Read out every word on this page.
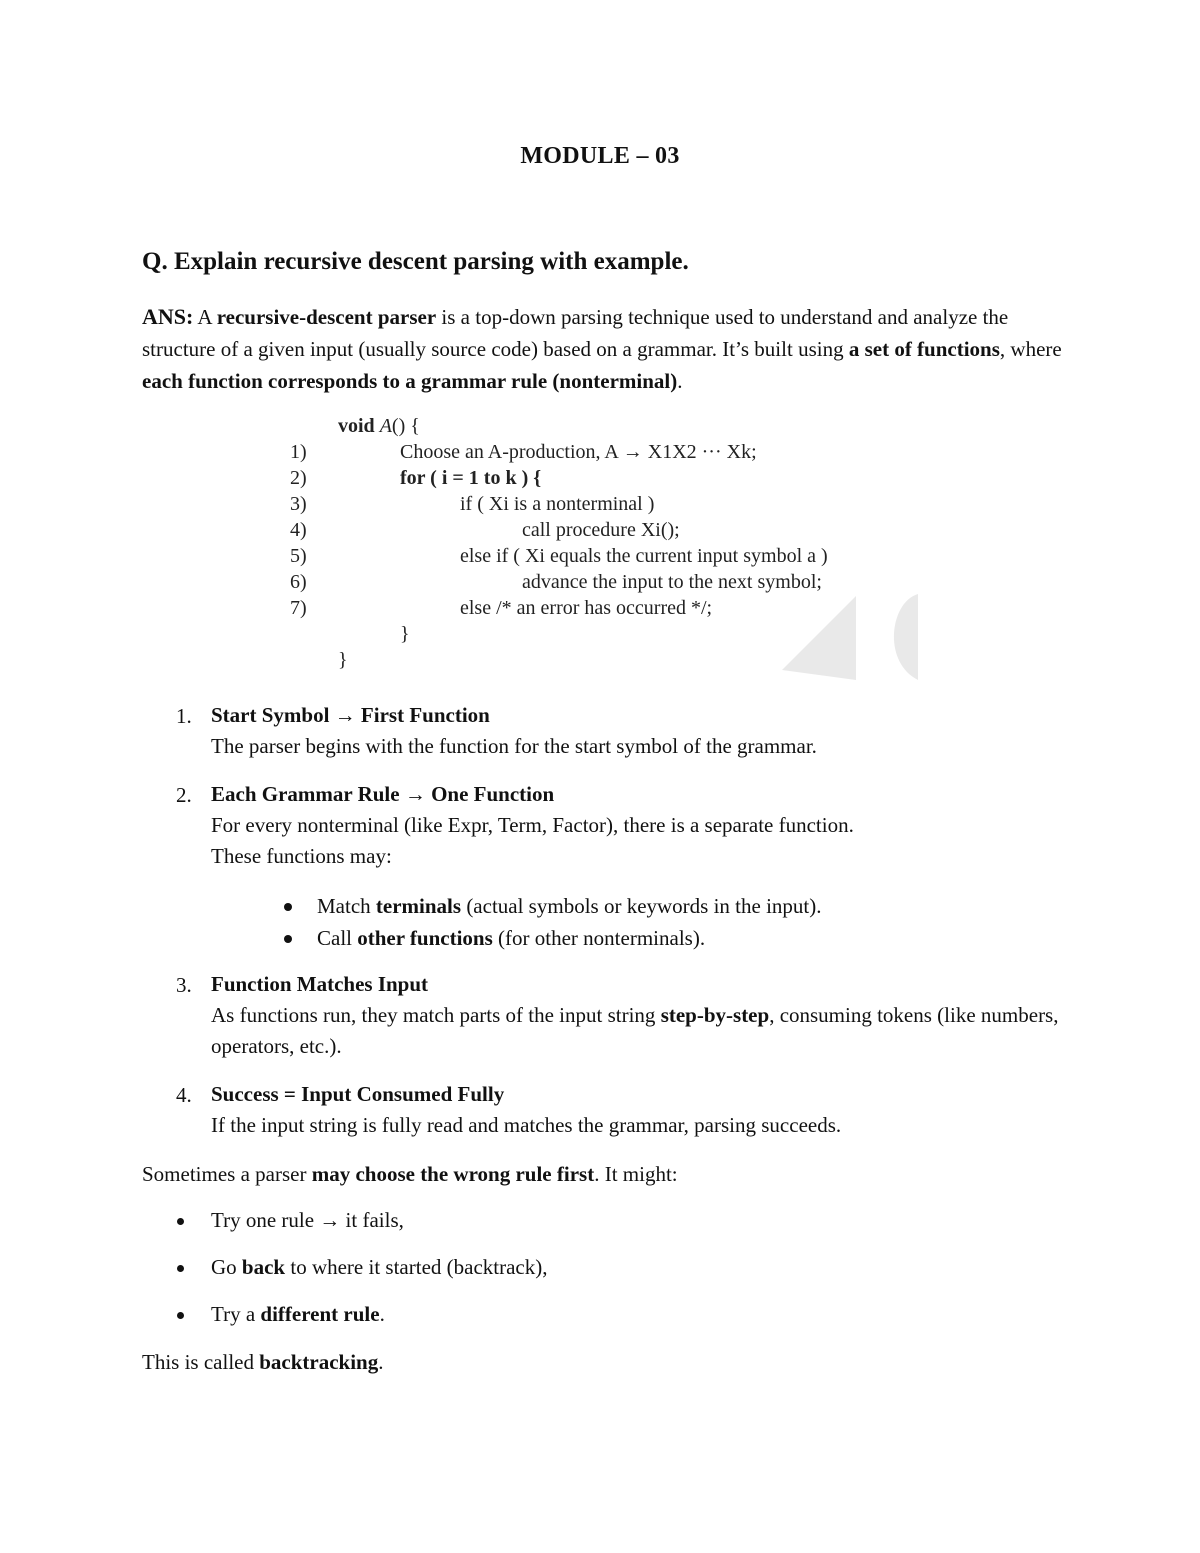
MODULE – 03
Q. Explain recursive descent parsing with example.
ANS: A recursive-descent parser is a top-down parsing technique used to understand and analyze the structure of a given input (usually source code) based on a grammar. It’s built using a set of functions, where each function corresponds to a grammar rule (nonterminal).
void A() {
1)	Choose an A-production, A → X1X2 ··· Xk;
2)	for ( i = 1 to k ) {
3)	if ( Xi is a nonterminal )
4)	call procedure Xi();
5)	else if ( Xi equals the current input symbol a )
6)	advance the input to the next symbol;
7)	else /* an error has occurred */;
}
}
1. Start Symbol → First Function
The parser begins with the function for the start symbol of the grammar.
2. Each Grammar Rule → One Function
For every nonterminal (like Expr, Term, Factor), there is a separate function.
These functions may:
Match terminals (actual symbols or keywords in the input).
Call other functions (for other nonterminals).
3. Function Matches Input
As functions run, they match parts of the input string step-by-step, consuming tokens (like numbers, operators, etc.).
4. Success = Input Consumed Fully
If the input string is fully read and matches the grammar, parsing succeeds.
Sometimes a parser may choose the wrong rule first. It might:
Try one rule → it fails,
Go back to where it started (backtrack),
Try a different rule.
This is called backtracking.
